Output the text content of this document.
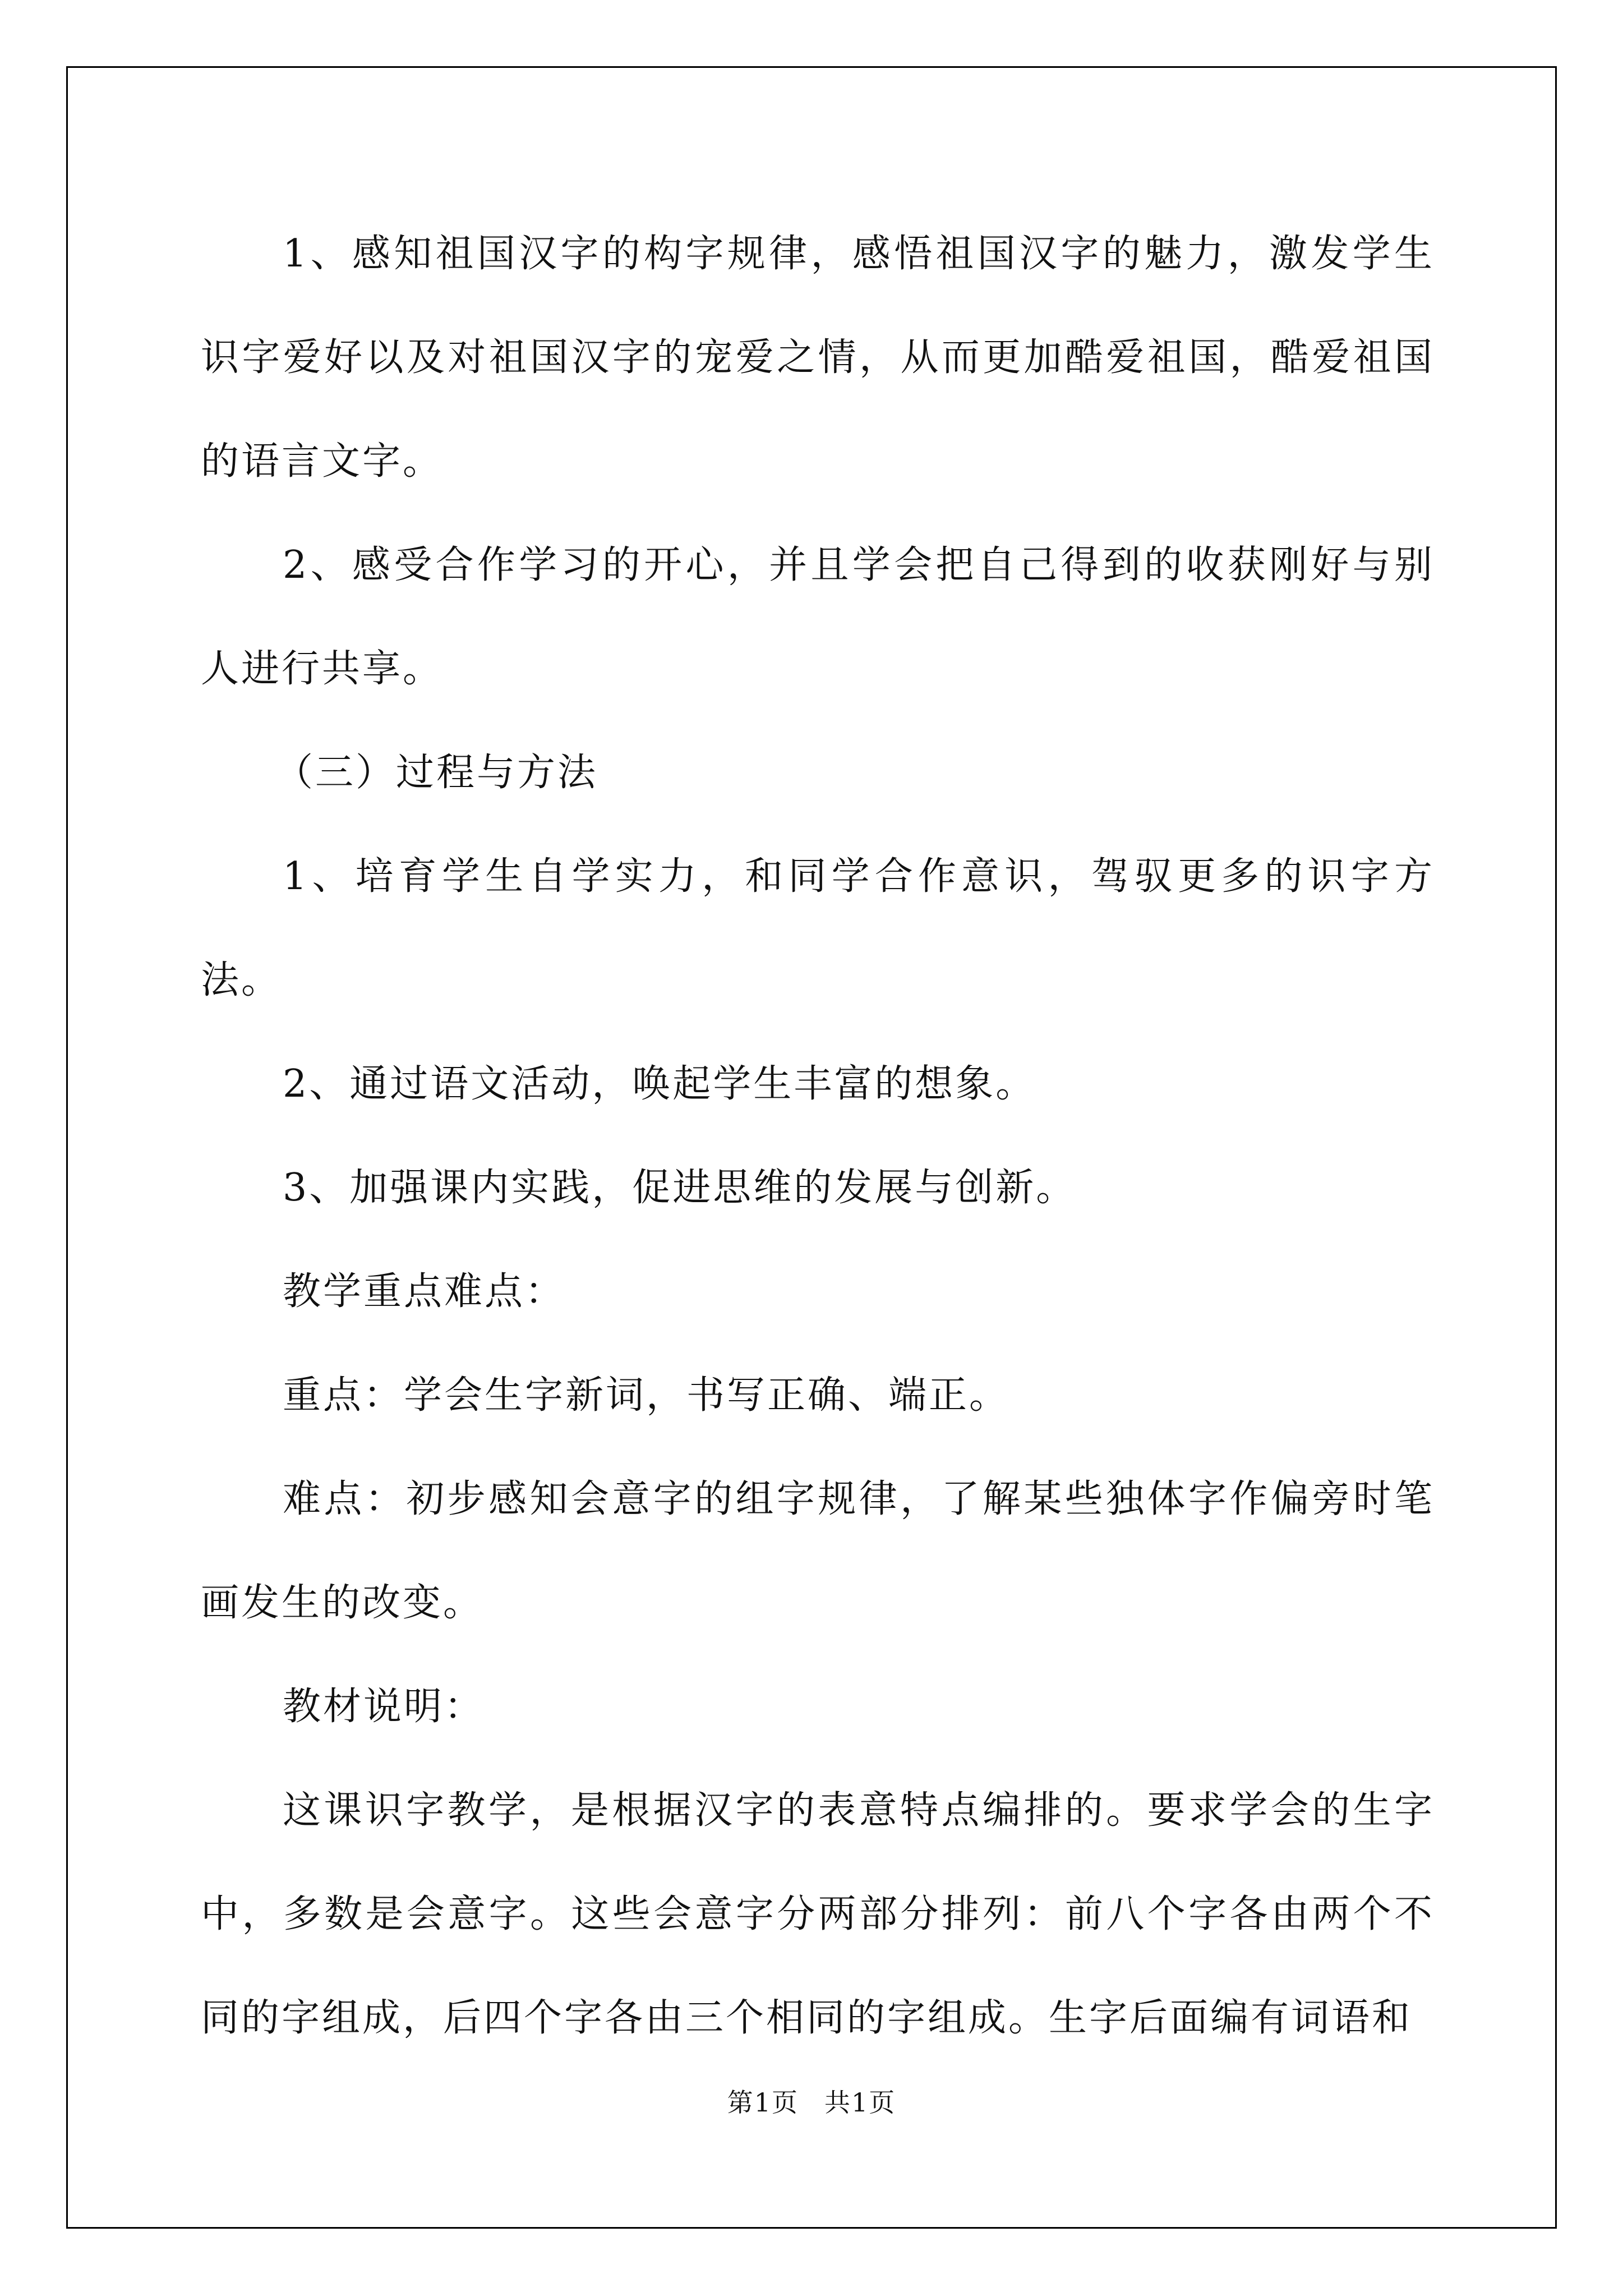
1、感知祖国汉字的构字规律，感悟祖国汉字的魅力，激发学生识字爱好以及对祖国汉字的宠爱之情，从而更加酷爱祖国，酷爱祖国的语言文字。

2、感受合作学习的开心，并且学会把自己得到的收获刚好与别人进行共享。

（三）过程与方法

1、培育学生自学实力，和同学合作意识，驾驭更多的识字方法。

2、通过语文活动，唤起学生丰富的想象。

3、加强课内实践，促进思维的发展与创新。

教学重点难点：

重点：学会生字新词，书写正确、端正。

难点：初步感知会意字的组字规律，了解某些独体字作偏旁时笔画发生的改变。

教材说明：

这课识字教学，是根据汉字的表意特点编排的。要求学会的生字中，多数是会意字。这些会意字分两部分排列：前八个字各由两个不同的字组成，后四个字各由三个相同的字组成。生字后面编有词语和

第1页 共1页
